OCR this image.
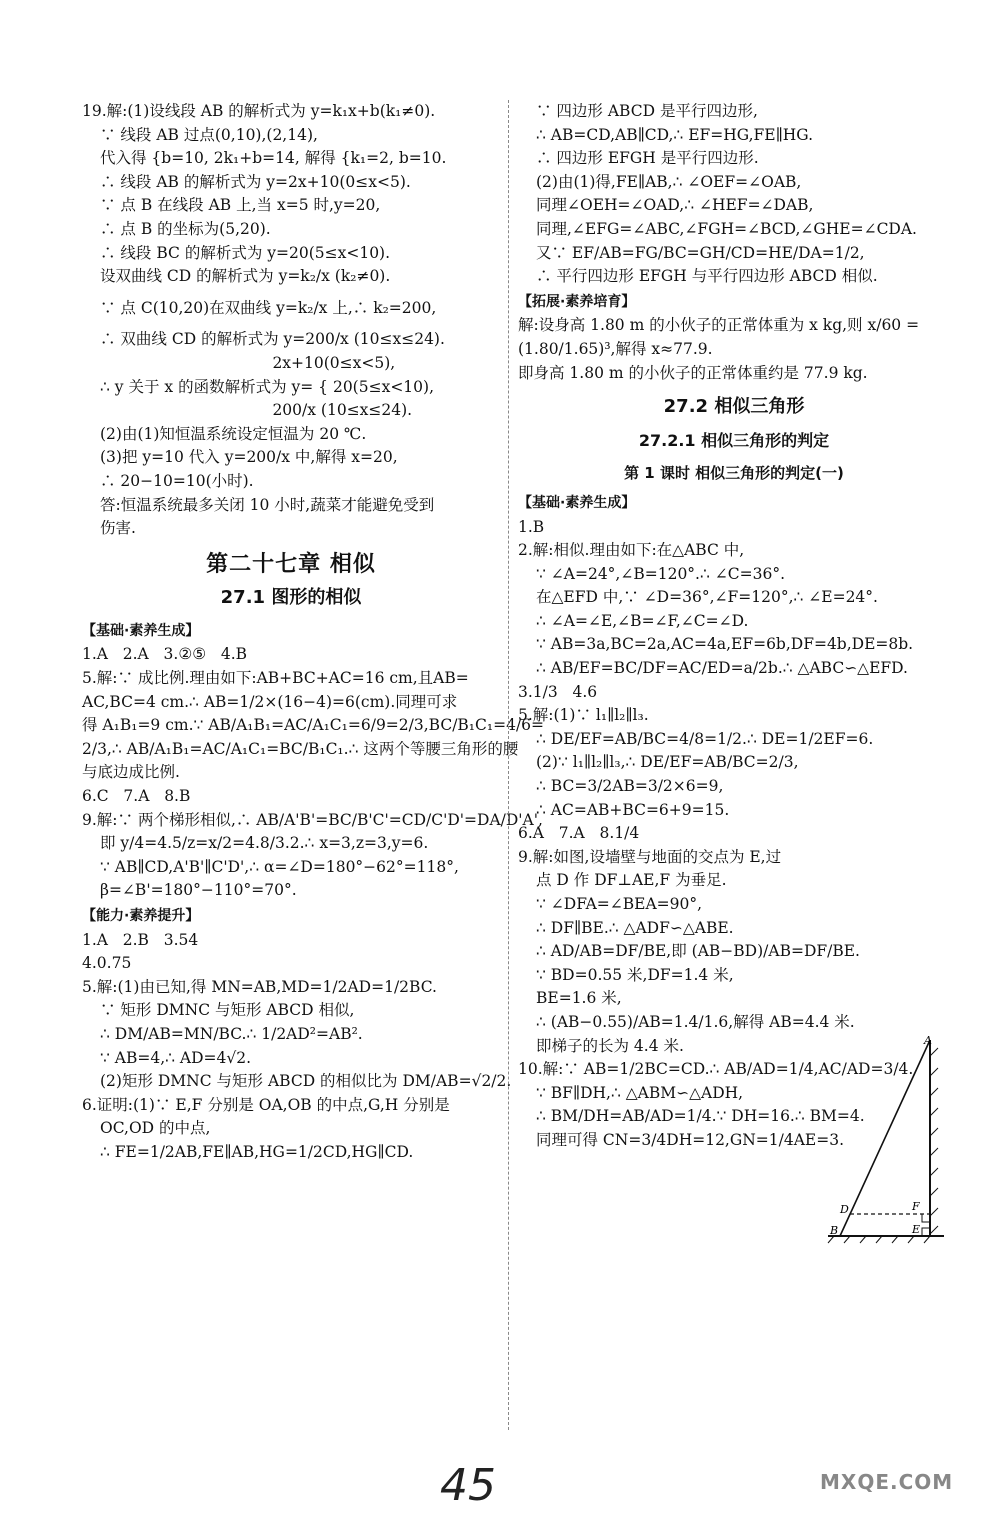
19.解:(1)设线段 AB 的解析式为 y=k₁x+b(k₁≠0).
∵ 线段 AB 过点(0,10),(2,14),
代入得 {b=10, 2k₁+b=14, 解得 {k₁=2, b=10.
∴ 线段 AB 的解析式为 y=2x+10(0≤x<5).
∵ 点 B 在线段 AB 上,当 x=5 时,y=20,
∴ 点 B 的坐标为(5,20).
∴ 线段 BC 的解析式为 y=20(5≤x<10).
设双曲线 CD 的解析式为 y=k₂/x (k₂≠0).
∵ 点 C(10,20)在双曲线 y=k₂/x 上,∴ k₂=200,
∴ 双曲线 CD 的解析式为 y=200/x (10≤x≤24).
2x+10(0≤x<5),
∴ y 关于 x 的函数解析式为 y= { 20(5≤x<10),
200/x (10≤x≤24).
(2)由(1)知恒温系统设定恒温为 20 ℃.
(3)把 y=10 代入 y=200/x 中,解得 x=20,
∴ 20−10=10(小时).
答:恒温系统最多关闭 10 小时,蔬菜才能避免受到
伤害.
第二十七章 相似
27.1 图形的相似
【基础·素养生成】
1.A   2.A   3.②⑤   4.B
5.解:∵ 成比例.理由如下:AB+BC+AC=16 cm,且AB=
AC,BC=4 cm.∴ AB=1/2×(16−4)=6(cm).同理可求
得 A₁B₁=9 cm.∵ AB/A₁B₁=AC/A₁C₁=6/9=2/3,BC/B₁C₁=4/6=
2/3,∴ AB/A₁B₁=AC/A₁C₁=BC/B₁C₁.∴ 这两个等腰三角形的腰
与底边成比例.
6.C   7.A   8.B
9.解:∵ 两个梯形相似,∴ AB/A'B'=BC/B'C'=CD/C'D'=DA/D'A',
即 y/4=4.5/z=x/2=4.8/3.2.∴ x=3,z=3,y=6.
∵ AB∥CD,A'B'∥C'D',∴ α=∠D=180°−62°=118°,
β=∠B'=180°−110°=70°.
【能力·素养提升】
1.A   2.B   3.54
4.0.75
5.解:(1)由已知,得 MN=AB,MD=1/2AD=1/2BC.
∵ 矩形 DMNC 与矩形 ABCD 相似,
∴ DM/AB=MN/BC.∴ 1/2AD²=AB².
∵ AB=4,∴ AD=4√2.
(2)矩形 DMNC 与矩形 ABCD 的相似比为 DM/AB=√2/2.
6.证明:(1)∵ E,F 分别是 OA,OB 的中点,G,H 分别是
OC,OD 的中点,
∴ FE=1/2AB,FE∥AB,HG=1/2CD,HG∥CD.
∵ 四边形 ABCD 是平行四边形,
∴ AB=CD,AB∥CD,∴ EF=HG,FE∥HG.
∴ 四边形 EFGH 是平行四边形.
(2)由(1)得,FE∥AB,∴ ∠OEF=∠OAB,
同理∠OEH=∠OAD,∴ ∠HEF=∠DAB,
同理,∠EFG=∠ABC,∠FGH=∠BCD,∠GHE=∠CDA.
又∵ EF/AB=FG/BC=GH/CD=HE/DA=1/2,
∴ 平行四边形 EFGH 与平行四边形 ABCD 相似.
【拓展·素养培育】
解:设身高 1.80 m 的小伙子的正常体重为 x kg,则 x/60 =
(1.80/1.65)³,解得 x≈77.9.
即身高 1.80 m 的小伙子的正常体重约是 77.9 kg.
27.2 相似三角形
27.2.1 相似三角形的判定
第 1 课时 相似三角形的判定(一)
【基础·素养生成】
1.B
2.解:相似.理由如下:在△ABC 中,
∵ ∠A=24°,∠B=120°.∴ ∠C=36°.
在△EFD 中,∵ ∠D=36°,∠F=120°,∴ ∠E=24°.
∴ ∠A=∠E,∠B=∠F,∠C=∠D.
∵ AB=3a,BC=2a,AC=4a,EF=6b,DF=4b,DE=8b.
∴ AB/EF=BC/DF=AC/ED=a/2b.∴ △ABC∽△EFD.
3.1/3   4.6
5.解:(1)∵ l₁∥l₂∥l₃.
∴ DE/EF=AB/BC=4/8=1/2.∴ DE=1/2EF=6.
(2)∵ l₁∥l₂∥l₃,∴ DE/EF=AB/BC=2/3,
∴ BC=3/2AB=3/2×6=9,
∴ AC=AB+BC=6+9=15.
6.A   7.A   8.1/4
9.解:如图,设墙壁与地面的交点为 E,过
点 D 作 DF⊥AE,F 为垂足.
∵ ∠DFA=∠BEA=90°,
∴ DF∥BE.∴ △ADF∽△ABE.
∴ AD/AB=DF/BE,即 (AB−BD)/AB=DF/BE.
∵ BD=0.55 米,DF=1.4 米,
BE=1.6 米,
∴ (AB−0.55)/AB=1.4/1.6,解得 AB=4.4 米.
即梯子的长为 4.4 米.
10.解:∵ AB=1/2BC=CD.∴ AB/AD=1/4,AC/AD=3/4.
∵ BF∥DH,∴ △ABM∽△ADH,
∴ BM/DH=AB/AD=1/4.∵ DH=16.∴ BM=4.
同理可得 CN=3/4DH=12,GN=1/4AE=3.
A
B
D	F
E
45	MXQE.COM
